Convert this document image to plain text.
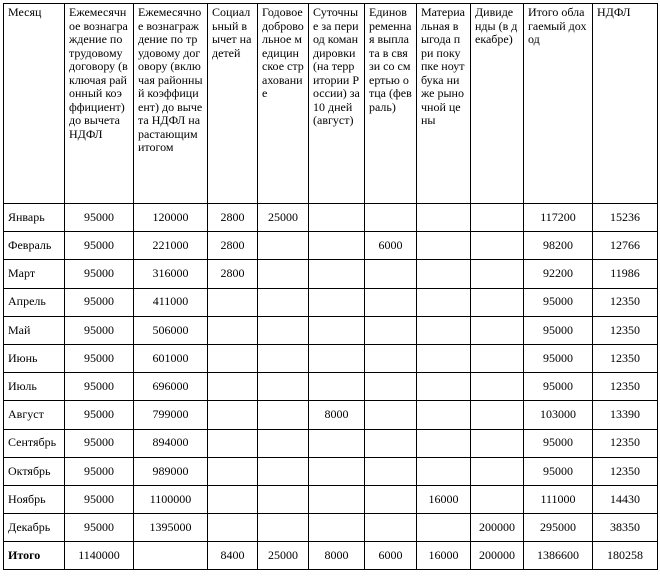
Месяц	Ежемесячное вознаграждение по трудовому договору (включая районный коэффициент) до вычета НДФЛ	Ежемесячное вознаграждение по трудовому договору (включая районный коэффициент) до вычета НДФЛ нарастающим итогом	Социальный вычет на детей	Годовое добровольное медицинское страхование	Суточные за период командировки (на территории России) за 10 дней (август)	Единовременная выплата в связи со смертью отца (февраль)	Материальная выгода при покупке ноутбука ниже рыночной цены	Дивиденды (в декабре)	Итого облагаемый доход	НДФЛ
Январь	95000	120000	2800	25000					117200	15236
Февраль	95000	221000	2800			6000			98200	12766
Март	95000	316000	2800						92200	11986
Апрель	95000	411000							95000	12350
Май	95000	506000							95000	12350
Июнь	95000	601000							95000	12350
Июль	95000	696000							95000	12350
Август	95000	799000			8000				103000	13390
Сентябрь	95000	894000							95000	12350
Октябрь	95000	989000							95000	12350
Ноябрь	95000	1100000					16000		111000	14430
Декабрь	95000	1395000						200000	295000	38350
Итого	1140000		8400	25000	8000	6000	16000	200000	1386600	180258
